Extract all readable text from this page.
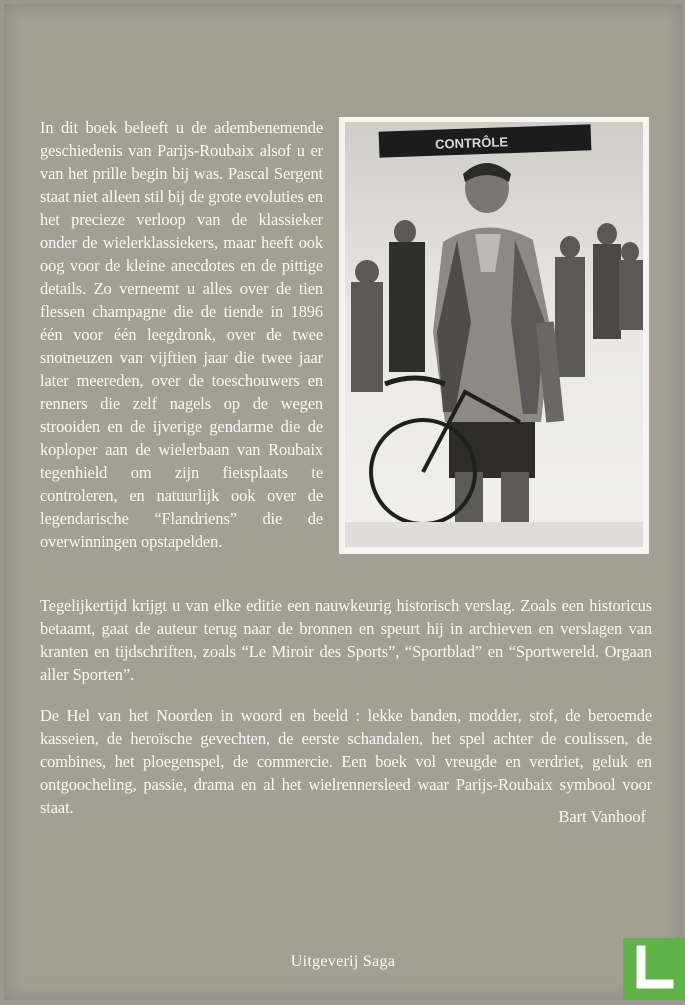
In dit boek beleeft u de adembenemende geschiedenis van Parijs-Roubaix alsof u er van het prille begin bij was. Pascal Sergent staat niet alleen stil bij de grote evoluties en het precieze verloop van de klassieker onder de wielerklassiekers, maar heeft ook oog voor de kleine anecdotes en de pittige details. Zo verneemt u alles over de tien flessen champagne die de tiende in 1896 één voor één leegdronk, over de twee snotneuzen van vijftien jaar die twee jaar later meereden, over de toeschouwers en renners die zelf nagels op de wegen strooiden en de ijverige gendarme die de koploper aan de wielerbaan van Roubaix tegenhield om zijn fietsplaats te controleren, en natuurlijk ook over de legendarische “Flandriens” die de overwinningen opstapelden.
CONTRÔLE
Tegelijkertijd krijgt u van elke editie een nauwkeurig historisch verslag. Zoals een historicus betaamt, gaat de auteur terug naar de bronnen en speurt hij in archieven en verslagen van kranten en tijdschriften, zoals “Le Miroir des Sports”, “Sportblad” en “Sportwereld. Orgaan aller Sporten”.
De Hel van het Noorden in woord en beeld : lekke banden, modder, stof, de beroemde kasseien, de heroïsche gevechten, de eerste schandalen, het spel achter de coulissen, de combines, het ploegenspel, de commercie. Een boek vol vreugde en verdriet, geluk en ontgoocheling, passie, drama en al het wielrennersleed waar Parijs-Roubaix symbool voor staat.	Bart Vanhoof
Uitgeverij Saga
